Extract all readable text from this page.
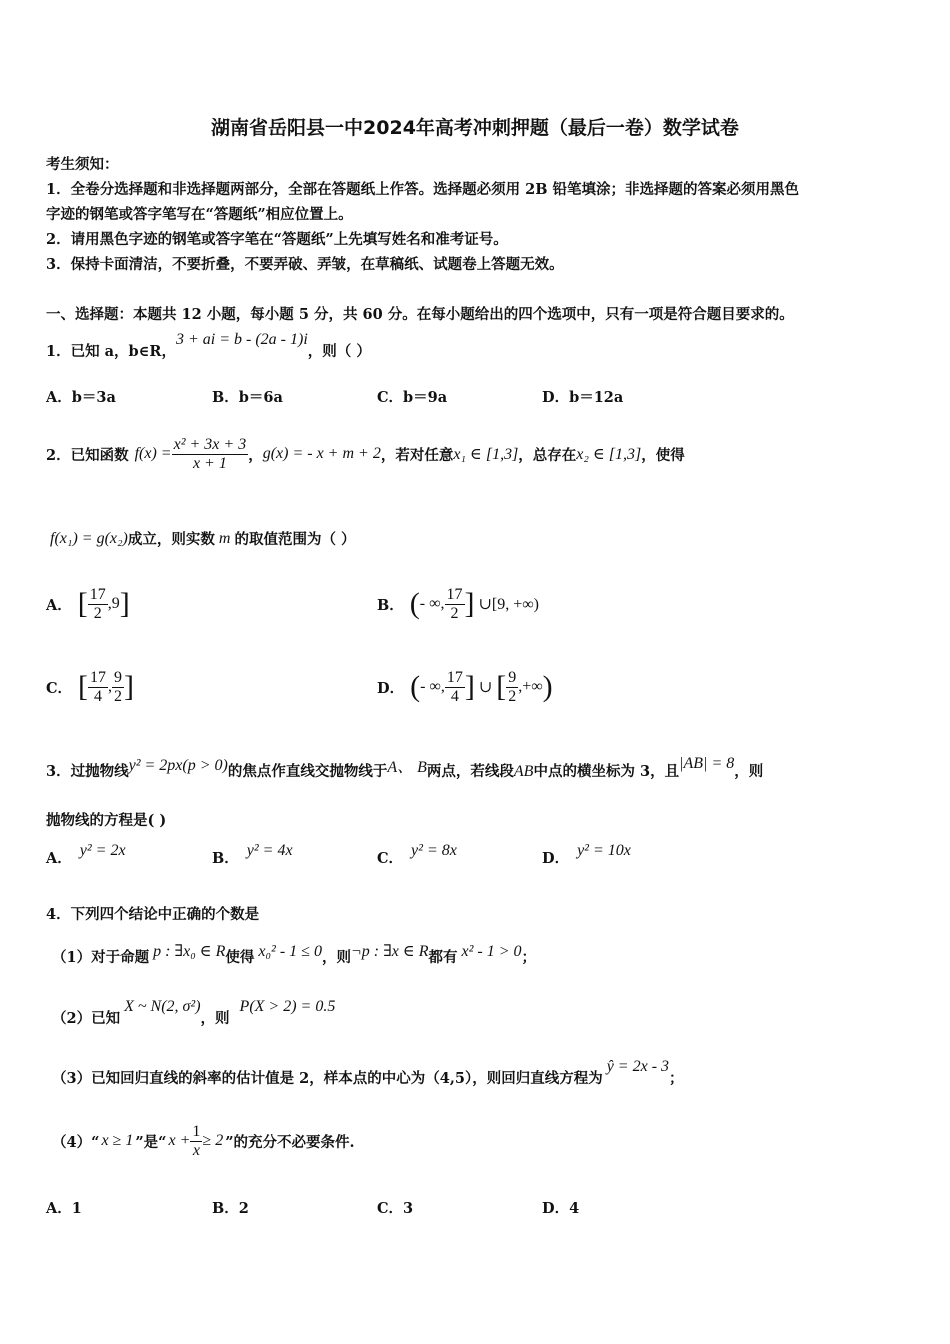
湖南省岳阳县一中2024年高考冲刺押题（最后一卷）数学试卷
考生须知：
1．全卷分选择题和非选择题两部分，全部在答题纸上作答。选择题必须用 2B 铅笔填涂；非选择题的答案必须用黑色
字迹的钢笔或答字笔写在“答题纸”相应位置上。
2．请用黑色字迹的钢笔或答字笔在“答题纸”上先填写姓名和准考证号。
3．保持卡面清洁，不要折叠，不要弄破、弄皱，在草稿纸、试题卷上答题无效。
一、选择题：本题共 12 小题，每小题 5 分，共 60 分。在每小题给出的四个选项中，只有一项是符合题目要求的。
1．已知 a，b∈R，3 + ai = b - (2a - 1)i，则（ ）
A．b＝3a	B．b＝6a	C．b＝9a	D．b＝12a
2．已知函数 $f(x) = \frac{\text{x² + 3x + 3}}{x + 1}$ ， g(x) = - x + m + 2 ，若对任意 x₁ ∈ [1,3] ，总存在 x₂ ∈ [1,3] ，使得
f(x₁) = g(x₂) 成立，则实数 m 的取值范围为（ ）
A． [ $\frac{17}{2} ,9$ ]	B． ( - ∞, $\frac{17}{2}$ ] ∪[9, +∞)
C． [ $\frac{17}{4}$ , $\frac{9}{2}$ ]	D． ( - ∞, $\frac{17}{4}$ ] ∪ [ $\frac{9}{2}$ ,+∞ )
3．过抛物线 y² = 2px(p > 0) 的焦点作直线交抛物线于 A、 B 两点，若线段 AB 中点的横坐标为 3，且 |AB| = 8 ，则
抛物线的方程是( )
A． y² = 2x	B． y² = 4x	C． y² = 8x	D． y² = 10x
4．下列四个结论中正确的个数是
（1）对于命题 p : ∃x₀ ∈ R 使得 x₀² - 1 ≤ 0 ，则 ¬p : ∃x ∈ R 都有 x² - 1 > 0 ；
（2）已知
X ~ N(2, σ²)
，则
P(X > 2) = 0.5
（3）已知回归直线的斜率的估计值是 2，样本点的中心为（4,5），则回归直线方程为
ŷ = 2x - 3
；
（4）“ x ≥ 1 ”是“ $x + \frac{1}{x} \ge 2$ ”的充分不必要条件.
A．1	B．2	C．3	D．4
